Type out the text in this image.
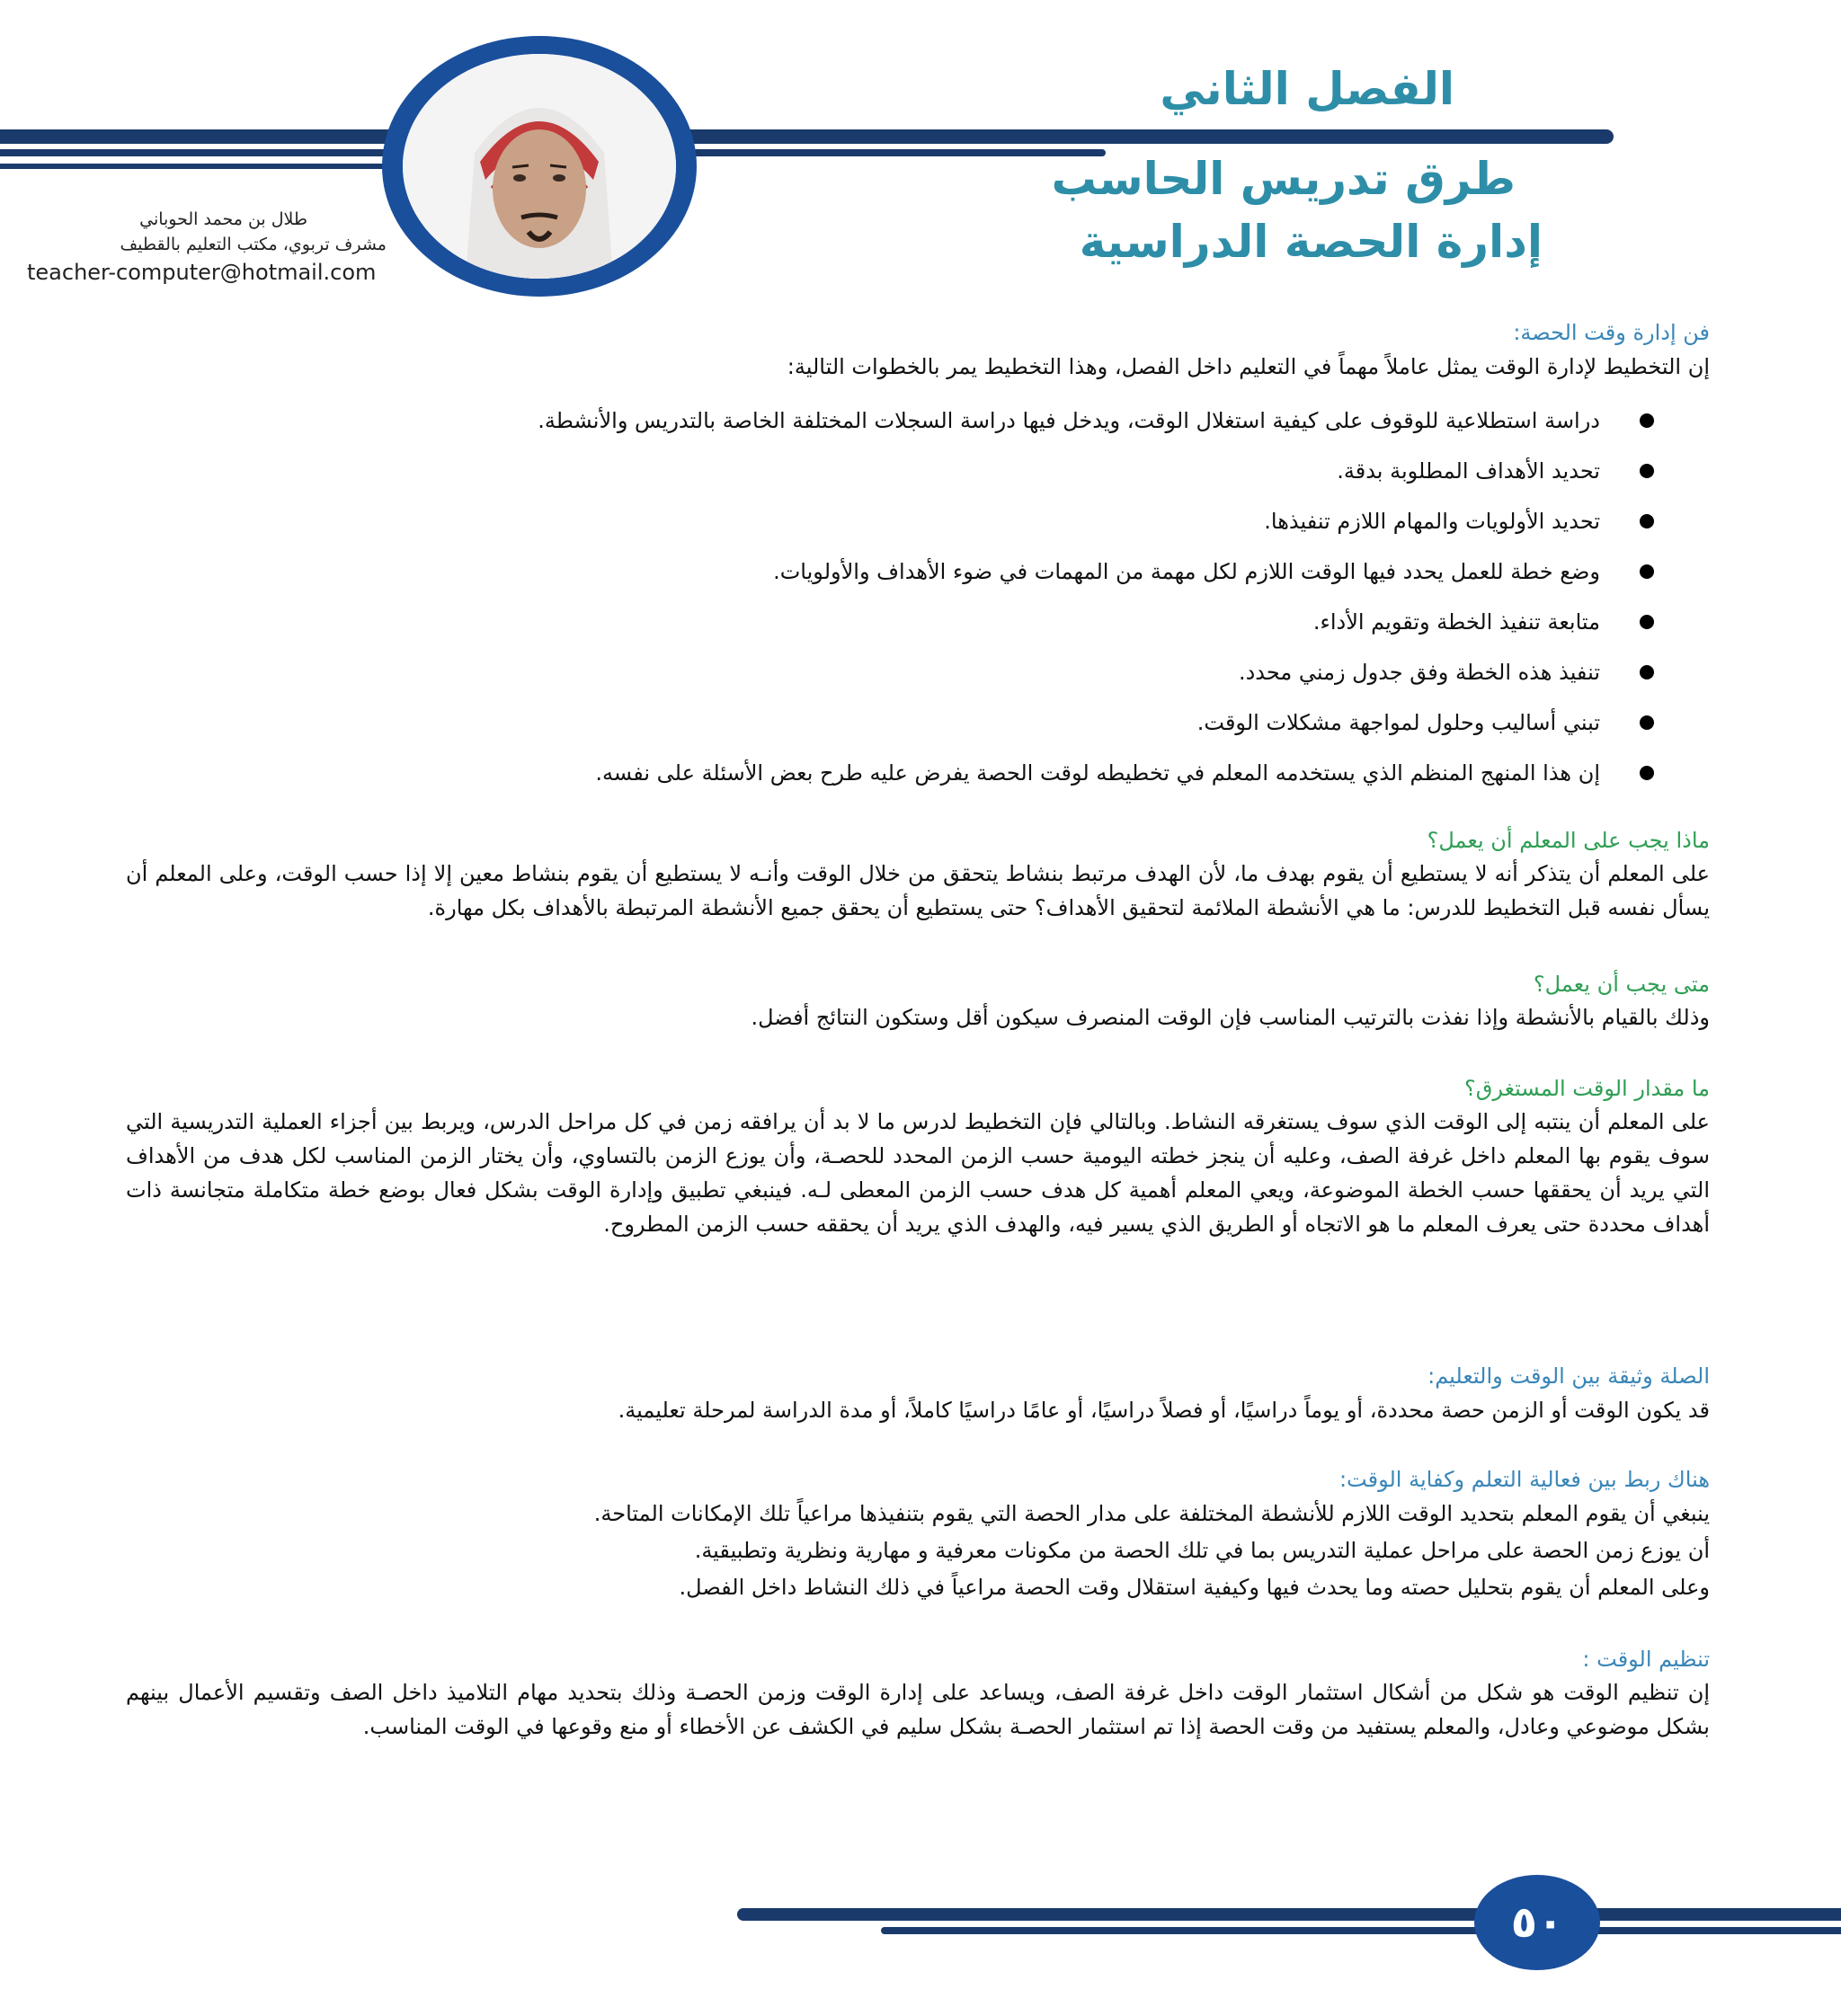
الفصل الثاني
طرق تدريس الحاسب
إدارة الحصة الدراسية
طلال بن محمد الحوباني
مشرف تربوي، مكتب التعليم بالقطيف
teacher-computer@hotmail.com
فن إدارة وقت الحصة:
إن التخطيط لإدارة الوقت يمثل عاملاً مهماً في التعليم داخل الفصل، وهذا التخطيط يمر بالخطوات التالية:
دراسة استطلاعية للوقوف على كيفية استغلال الوقت، ويدخل فيها دراسة السجلات المختلفة الخاصة بالتدريس والأنشطة.
تحديد الأهداف المطلوبة بدقة.
تحديد الأولويات والمهام اللازم تنفيذها.
وضع خطة للعمل يحدد فيها الوقت اللازم لكل مهمة من المهمات في ضوء الأهداف والأولويات.
متابعة تنفيذ الخطة وتقويم الأداء.
تنفيذ هذه الخطة وفق جدول زمني محدد.
تبني أساليب وحلول لمواجهة مشكلات الوقت.
إن هذا المنهج المنظم الذي يستخدمه المعلم في تخطيطه لوقت الحصة يفرض عليه طرح بعض الأسئلة على نفسه.
ماذا يجب على المعلم أن يعمل؟
على المعلم أن يتذكر أنه لا يستطيع أن يقوم بهدف ما، لأن الهدف مرتبط بنشاط يتحقق من خلال الوقت وأنـه لا يستطيع أن يقوم بنشاط معين إلا إذا حسب الوقت، وعلى المعلم أن يسأل نفسه قبل التخطيط للدرس: ما هي الأنشطة الملائمة لتحقيق الأهداف؟ حتى يستطيع أن يحقق جميع الأنشطة المرتبطة بالأهداف بكل مهارة.
متى يجب أن يعمل؟
وذلك بالقيام بالأنشطة وإذا نفذت بالترتيب المناسب فإن الوقت المنصرف سيكون أقل وستكون النتائج أفضل.
ما مقدار الوقت المستغرق؟
على المعلم أن ينتبه إلى الوقت الذي سوف يستغرقه النشاط. وبالتالي فإن التخطيط لدرس ما لا بد أن يرافقه زمن في كل مراحل الدرس، ويربط بين أجزاء العملية التدريسية التي سوف يقوم بها المعلم داخل غرفة الصف، وعليه أن ينجز خطته اليومية حسب الزمن المحدد للحصـة، وأن يوزع الزمن بالتساوي، وأن يختار الزمن المناسب لكل هدف من الأهداف التي يريد أن يحققها حسب الخطة الموضوعة، ويعي المعلم أهمية كل هدف حسب الزمن المعطى لـه. فينبغي تطبيق وإدارة الوقت بشكل فعال بوضع خطة متكاملة متجانسة ذات أهداف محددة حتى يعرف المعلم ما هو الاتجاه أو الطريق الذي يسير فيه، والهدف الذي يريد أن يحققه حسب الزمن المطروح.
الصلة وثيقة بين الوقت والتعليم:
قد يكون الوقت أو الزمن حصة محددة، أو يوماً دراسيًا، أو فصلاً دراسيًا، أو عامًا دراسيًا كاملاً، أو مدة الدراسة لمرحلة تعليمية.
هناك ربط بين فعالية التعلم وكفاية الوقت:
ينبغي أن يقوم المعلم بتحديد الوقت اللازم للأنشطة المختلفة على مدار الحصة التي يقوم بتنفيذها مراعياً تلك الإمكانات المتاحة.
أن يوزع زمن الحصة على مراحل عملية التدريس بما في تلك الحصة من مكونات معرفية و مهارية ونظرية وتطبيقية.
وعلى المعلم أن يقوم بتحليل حصته وما يحدث فيها وكيفية استقلال وقت الحصة مراعياً في ذلك النشاط داخل الفصل.
تنظيم الوقت :
إن تنظيم الوقت هو شكل من أشكال استثمار الوقت داخل غرفة الصف، ويساعد على إدارة الوقت وزمن الحصـة وذلك بتحديد مهام التلاميذ داخل الصف وتقسيم الأعمال بينهم بشكل موضوعي وعادل، والمعلم يستفيد من وقت الحصة إذا تم استثمار الحصـة بشكل سليم في الكشف عن الأخطاء أو منع وقوعها في الوقت المناسب.
٥٠
